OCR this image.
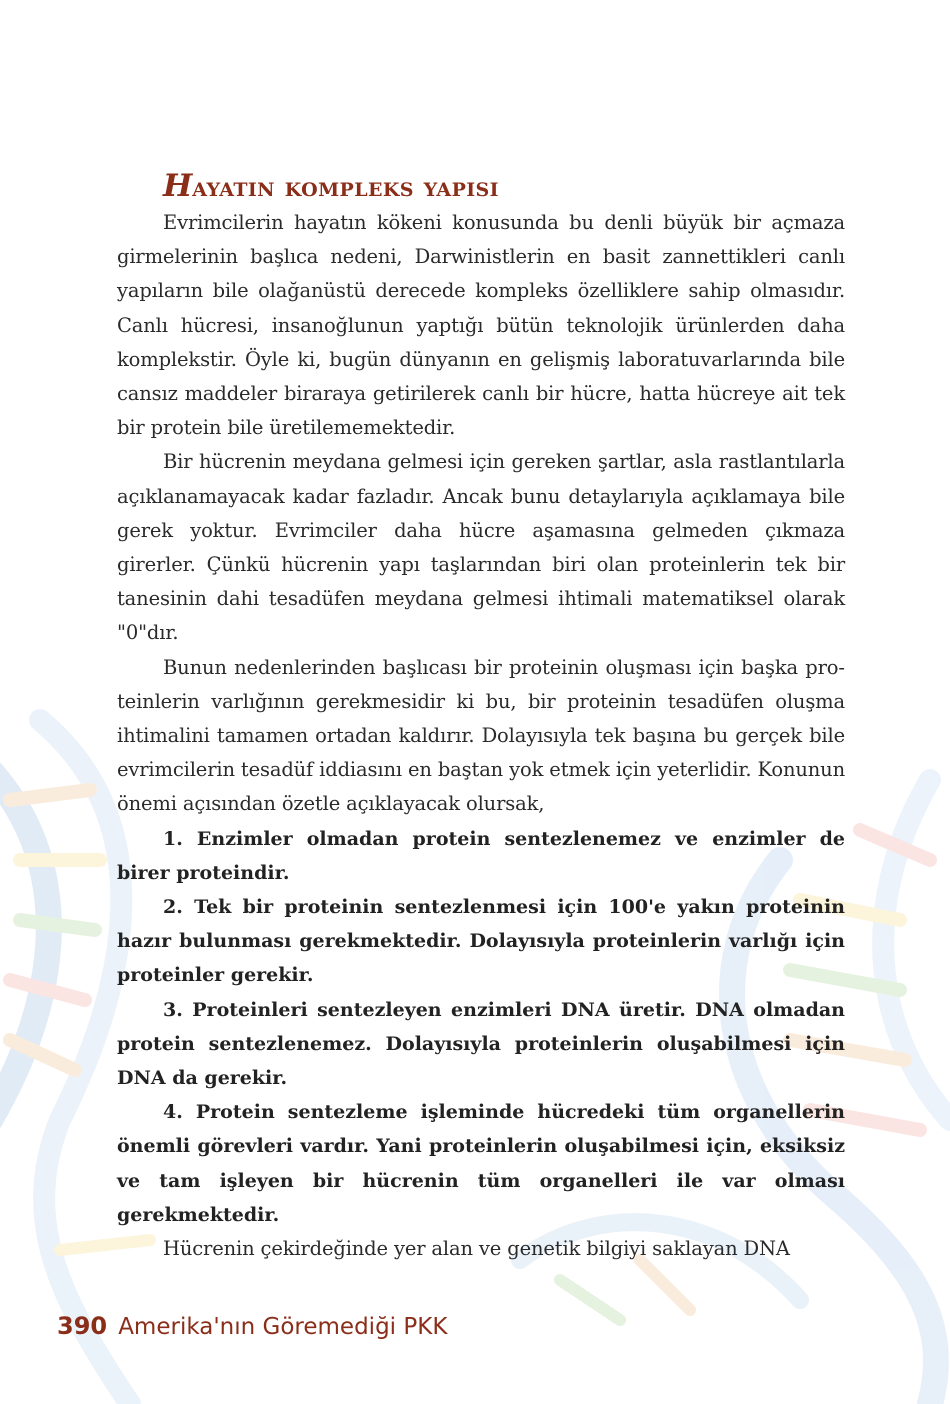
Hayatın kompleks yapısı

Evrimcilerin hayatın kökeni konusunda bu denli büyük bir açmaza girmelerinin başlıca nedeni, Darwinistlerin en basit zannettikleri canlı yapıların bile olağanüstü derecede kompleks özelliklere sahip olmasıdır. Canlı hücresi, insanoğlunun yaptığı bütün teknolojik ürünlerden daha komplekstir. Öyle ki, bugün dünyanın en gelişmiş laboratuvarlarında bile cansız maddeler biraraya getirilerek canlı bir hücre, hatta hücreye ait tek bir protein bile üretilememektedir.

Bir hücrenin meydana gelmesi için gereken şartlar, asla rastlantılarla açıklanamayacak kadar fazladır. Ancak bunu detaylarıyla açıklamaya bile gerek yoktur. Evrimciler daha hücre aşamasına gelmeden çıkmaza girerler. Çünkü hücrenin yapı taşlarından biri olan proteinlerin tek bir tanesinin dahi tesadüfen meydana gelmesi ihtimali matematiksel olarak "0"dır.

Bunun nedenlerinden başlıcası bir proteinin oluşması için başka proteinlerin varlığının gerekmesidir ki bu, bir proteinin tesadüfen oluşma ihtimalini tamamen ortadan kaldırır. Dolayısıyla tek başına bu gerçek bile evrimcilerin tesadüf iddiasını en baştan yok etmek için yeterlidir. Konunun önemi açısından özetle açıklayacak olursak,

1. Enzimler olmadan protein sentezlenemez ve enzimler de birer proteindir.

2. Tek bir proteinin sentezlenmesi için 100'e yakın proteinin hazır bulunması gerekmektedir. Dolayısıyla proteinlerin varlığı için proteinler gerekir.

3. Proteinleri sentezleyen enzimleri DNA üretir. DNA olmadan protein sentezlenemez. Dolayısıyla proteinlerin oluşabilmesi için DNA da gerekir.

4. Protein sentezleme işleminde hücredeki tüm organellerin önemli görevleri vardır. Yani proteinlerin oluşabilmesi için, eksiksiz ve tam işleyen bir hücrenin tüm organelleri ile var olması gerekmektedir.

Hücrenin çekirdeğinde yer alan ve genetik bilgiyi saklayan DNA

390 Amerika'nın Göremediği PKK
